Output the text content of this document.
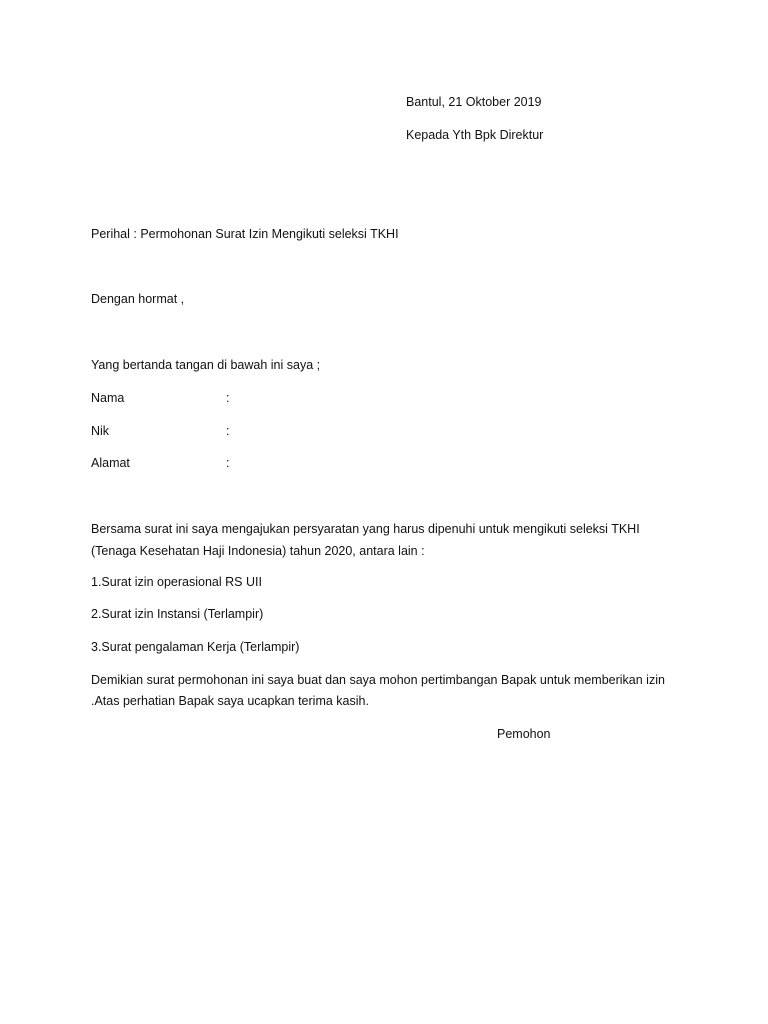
Bantul, 21 Oktober 2019
Kepada Yth Bpk Direktur
Perihal : Permohonan Surat Izin Mengikuti seleksi TKHI
Dengan hormat ,
Yang bertanda tangan di bawah ini saya ;
Nama	:
Nik	:
Alamat	:
Bersama surat ini saya mengajukan persyaratan yang harus dipenuhi untuk mengikuti seleksi TKHI
(Tenaga Kesehatan Haji Indonesia) tahun 2020, antara lain :
1.Surat izin operasional RS UII
2.Surat izin Instansi (Terlampir)
3.Surat pengalaman Kerja (Terlampir)
Demikian surat permohonan ini saya buat dan saya mohon pertimbangan Bapak untuk memberikan izin
.Atas perhatian Bapak saya ucapkan terima kasih.
Pemohon
